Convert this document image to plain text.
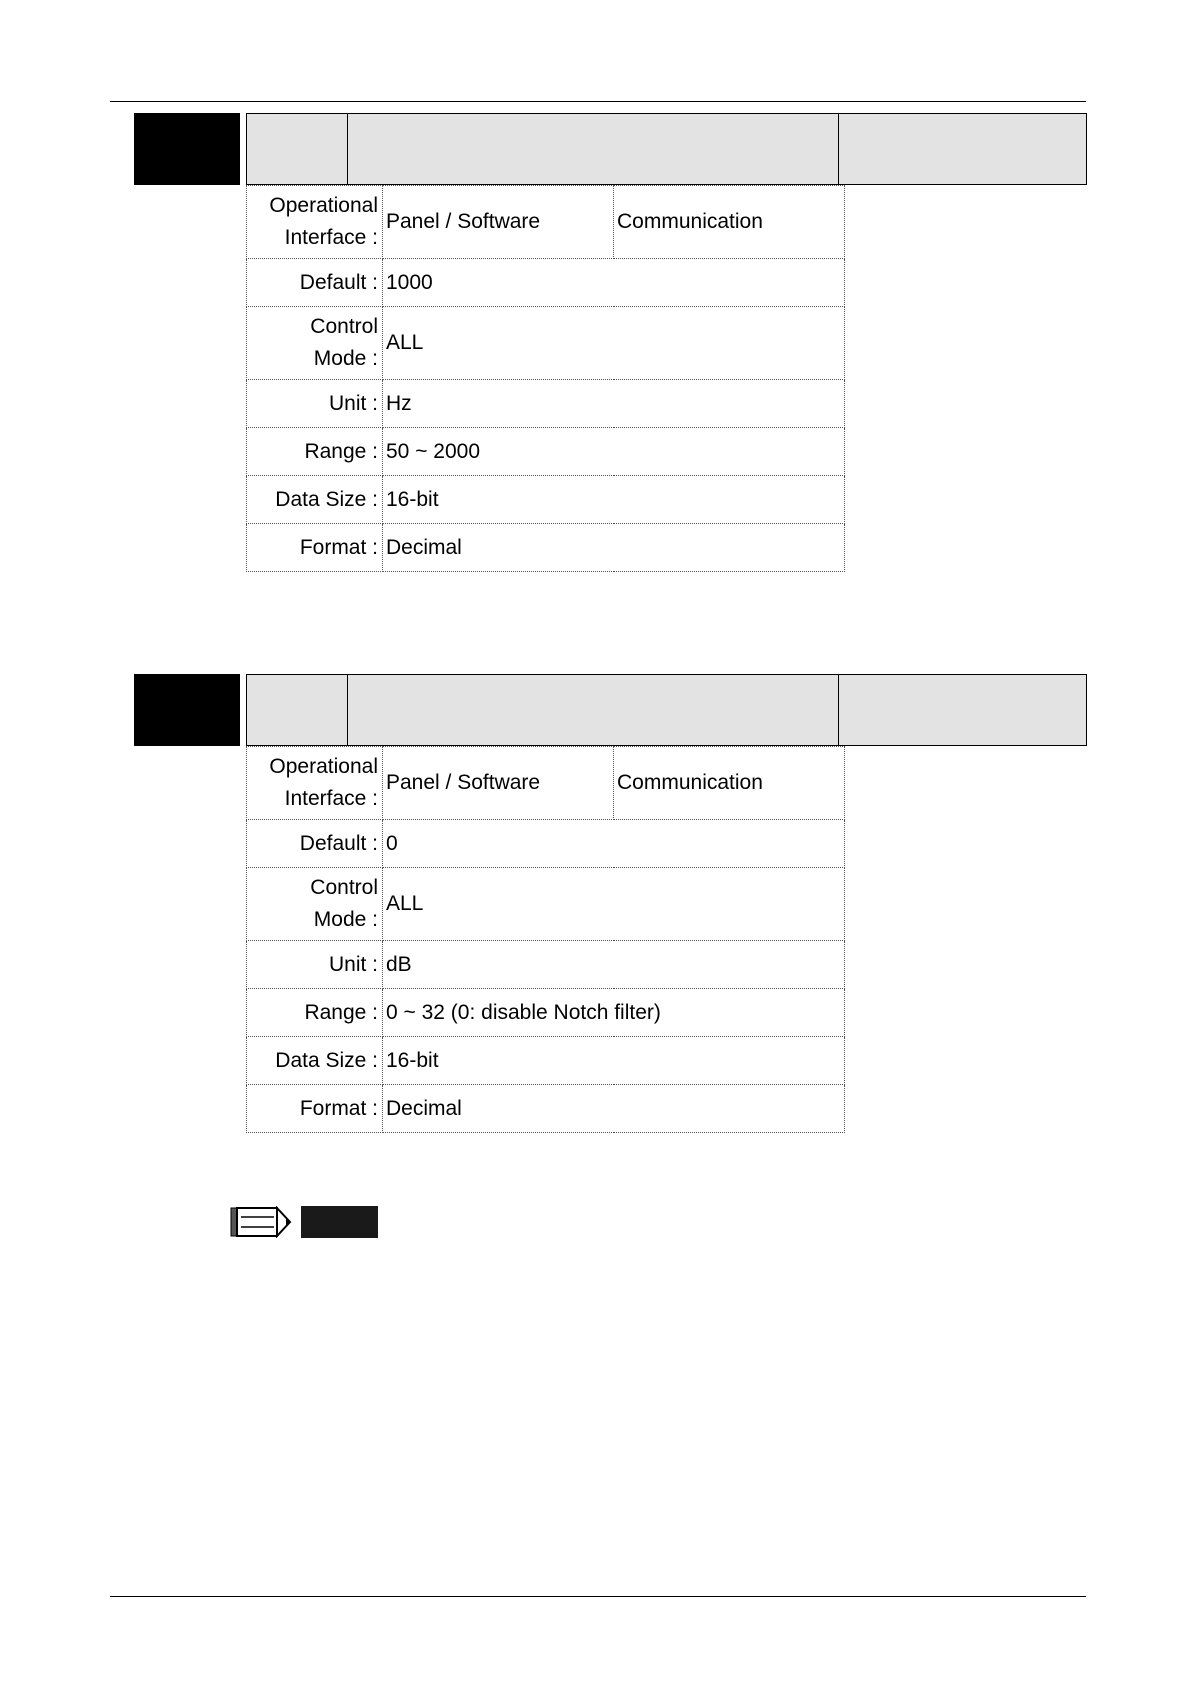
Operational
Interface :	Panel / Software	Communication
Default :	1000	

Control
Mode :	ALL	
Unit :	Hz	
Range :	50 ~ 2000	
Data Size :	16-bit	
Format :	Decimal	
Operational
Interface :	Panel / Software	Communication
Default :	0	

Control
Mode :	ALL	
Unit :	dB	
Range :	0 ~ 32 (0: disable Notch filter)	
Data Size :	16-bit	
Format :	Decimal	
